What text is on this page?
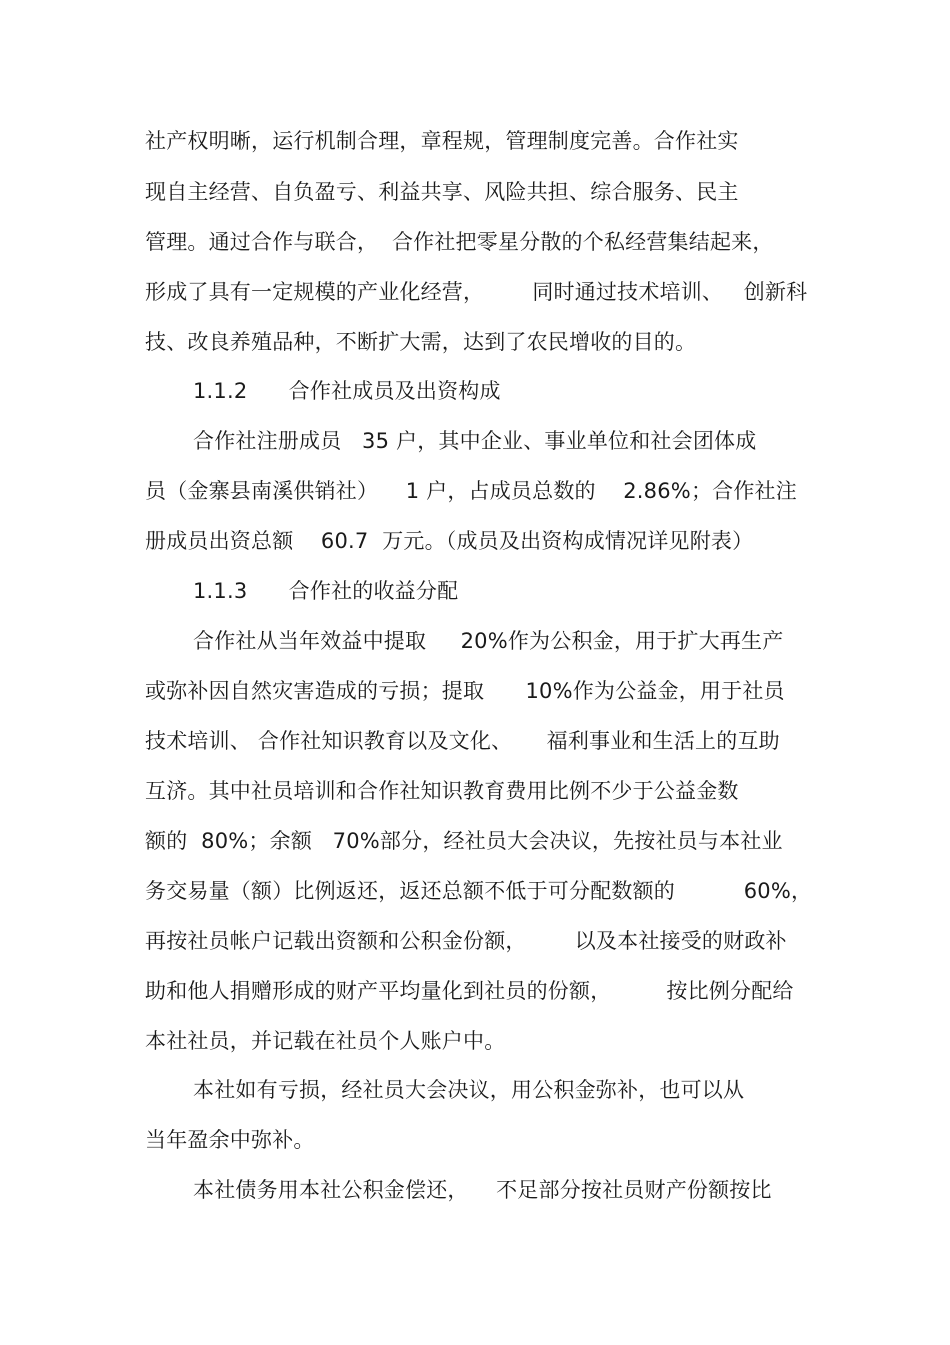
社产权明晰，运行机制合理，章程规，管理制度完善。合作社实
现自主经营、自负盈亏、利益共享、风险共担、综合服务、民主
管理。通过合作与联合，  合作社把零星分散的个私经营集结起来，
形成了具有一定规模的产业化经营，       同时通过技术培训、   创新科
技、改良养殖品种，不断扩大需，达到了农民增收的目的。
1.1.2      合作社成员及出资构成
合作社注册成员   35 户，其中企业、事业单位和社会团体成
员（金寨县南溪供销社）    1 户，占成员总数的    2.86%；合作社注
册成员出资总额    60.7  万元。（成员及出资构成情况详见附表）
1.1.3      合作社的收益分配
合作社从当年效益中提取     20%作为公积金，用于扩大再生产
或弥补因自然灾害造成的亏损；提取      10%作为公益金，用于社员
技术培训、 合作社知识教育以及文化、     福利事业和生活上的互助
互济。其中社员培训和合作社知识教育费用比例不少于公益金数
额的  80%；余额   70%部分，经社员大会决议，先按社员与本社业
务交易量（额）比例返还，返还总额不低于可分配数额的          60%，
再按社员帐户记载出资额和公积金份额，       以及本社接受的财政补
助和他人捐赠形成的财产平均量化到社员的份额，        按比例分配给
本社社员，并记载在社员个人账户中。
本社如有亏损，经社员大会决议，用公积金弥补，也可以从
当年盈余中弥补。
本社债务用本社公积金偿还，    不足部分按社员财产份额按比
